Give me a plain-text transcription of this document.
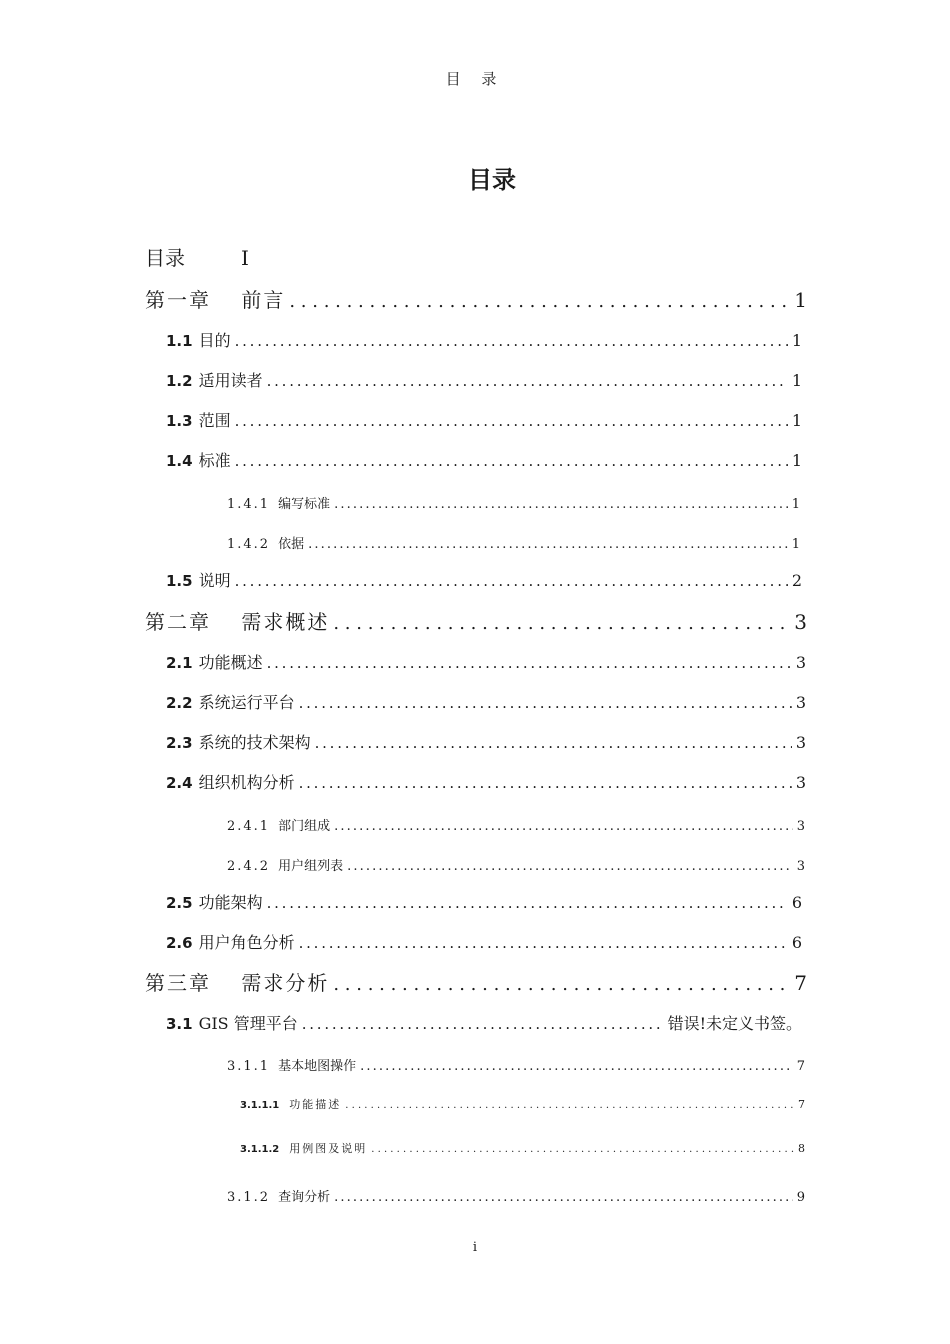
目 录
目录
目录	I
第一章　 前言 . . .	1
1.1 目的 . . .	1
1.2 适用读者 . . .	1
1.3 范围 . . .	1
1.4 标准 . . .	1
1.4.1 编写标准 . . .	1
1.4.2 依据 . . .	1
1.5 说明 . . .	2
第二章　 需求概述 . . .	3
2.1 功能概述 . . .	3
2.2 系统运行平台 . . .	3
2.3 系统的技术架构 . . .	3
2.4 组织机构分析 . . .	3
2.4.1 部门组成 . . .	3
2.4.2 用户组列表 . . .	3
2.5 功能架构 . . .	6
2.6 用户角色分析 . . .	6
第三章　 需求分析 . . .	7
3.1 GIS 管理平台 . . .	错误!未定义书签。
3.1.1 基本地图操作 . . .	7
3.1.1.1 功能描述 . . .	7
3.1.1.2 用例图及说明 . . .	8
3.1.2 查询分析 . . .	9
i
